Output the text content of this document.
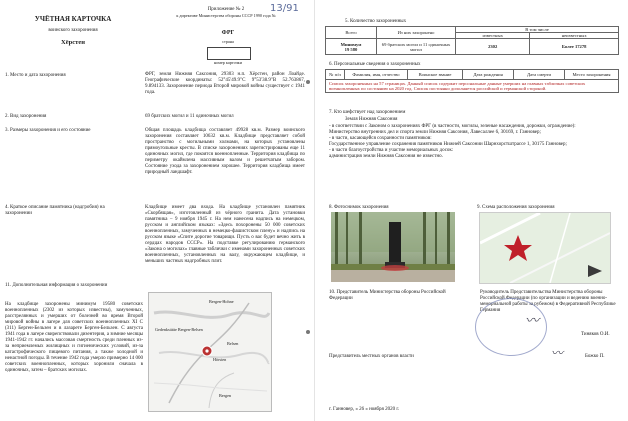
Приложение № 2
к директиве Министерства обороны СССР 1990 года №
УЧЁТНАЯ КАРТОЧКА
воинского захоронения
Хёрстен
ФРГ
страна
номер карточки
13/91
1. Место и дата захоронения	ФРГ, земля Нижняя Саксония, 29303 н.п. Хёрстен, район Лоайде. Географические координаты: 52°45'49.9"С 9°53'38.9"В 52.763867, 9.894133. Захоронение периода Второй мировой войны существует с 1941 года.
2. Вид захоронения	69 братских могил и 11 одиночных могил
3. Размеры захоронения и его состояние	Общая площадь кладбища составляет 49928 кв.м. Размер воинского захоронения составляет 10632 кв.м. Кладбище представляет собой пространство с могильными холмами, на которых установлены прямоугольные кресты. В списке захоронениях зарегистрированы еще 11 одиночных могил, где покоятся военнопленные. Территория кладбища по периметру окаймлена массивным валом и решетчатым забором. Состояние ухода за захоронением хорошее. Территория кладбища имеет природный ландшафт.
4. Краткое описание памятника (надгробия) на захоронении
Кладбище имеет два входа. На кладбище установлен памятник «Скорбящая», изготовленный из чёрного гранита. Дата установки памятника – 9 ноября 1945 г. На нем нанесена надпись на немецком, русском и английском языках: «Здесь похоронены 50 000 советских военнопленных, замученных в немецко-фашистском плену» и надпись на русском языке «Спите дорогие товарищи. Пусть о вас будет вечно жить в сердцах народов СССР». На подставке регулированию германского «Закона о могилах» главные таблички с именами захороненных советских военнопленных, установленных на валу, окружающем кладбище, и меньших частных надгробных плит.
11. Дополнительная информация о захоронении
На кладбище захоронены минимум 19580 советских военнопленных (2302 из которых известны), замученных, расстрелянных и умерших от болезней во время Второй мировой войны в лагере для советских военнопленных XI C (311) Берген-Бельзен и в лазарете Берген-Бельзен. С августа 1941 года в лагере свирепствовали дизентерия, а зимние месяцы 1941-1942 гг. начались массовая смертность среди пленных из-за неприемлемых жилищных и гигиенических условий, из-за катастрофического пищевого питания, а также холодной и ненастной погоды. В течение 1942 года умерло примерно 14 000 советских военнопленных, которых хоронили сначала в одиночных, затем – братских могилах.
Bergen-Hohne
Gedenkstätte Bergen-Belsen
Belsen
Hörsten
Bergen
5. Количество захороненных
Всего	Из них захоронено	В том числе	
		известных	неизвестных

Минимум
19 580	69 братских могил и 11 одиночных могил	2302	Более 17278
6. Персональные сведения о захороненных
№ п/п	Фамилия, имя, отчество	Воинское звание	Дата рождения	Дата смерти	Место захоронения
Список захороненных на 57 страницах. Данный список содержит персональные данные умерших на главных табличках советских военнопленных по состоянию на 2020 год. Список постоянно дополняется российской и германской стороной.
7. Кто шефствует над захоронением
Земля Нижняя Саксония
- в соответствии с Законом о захоронениях ФРГ (в частности, могилы, зеленые насаждения, дорожки, ограждение):
Министерство внутренних дел и спорта земли Нижняя Саксония, Лавесаллее 6, 30169, г. Ганновер;
- в части, касающейся сохранности памятников:
Государственное управление сохранения памятников Нижней Саксонии Шарнхорстштрассе 1, 30175 Ганновер;
- в части благоустройства и участие мемориальных досок:
администрация земли Нижняя Саксония не известно.
8. Фотоснимок захоронения	9. Схема расположения захоронения
10. Представитель Министерства обороны Российской Федерации
Руководитель Представительства Министерства обороны Российской Федерации (по организации и ведению военно-мемориальной работы за рубежом) в Федеративной Республике Германия
〰︎
Тиняков О.И.
Представитель местных органов власти	〰︎	Божко П.
г. Ганновер, « 26 » ноября 2020 г.
